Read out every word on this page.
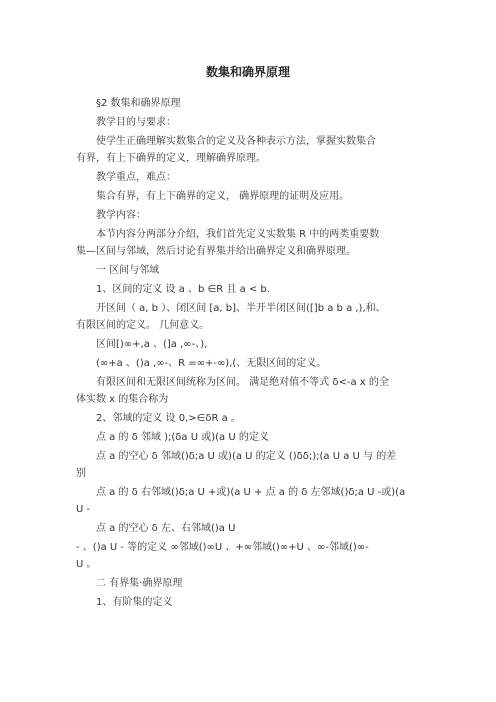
数集和确界原理
§2 数集和确界原理
教学目的与要求：
使学生正确理解实数集合的定义及各种表示方法，掌握实数集合
有界，有上下确界的定义，理解确界原理。
教学重点，难点：
集合有界，有上下确界的定义， 确界原理的证明及应用。
教学内容：
本节内容分两部分介绍，我们首先定义实数集 R 中的两类重要数
集—区间与邻域，然后讨论有界集并给出确界定义和确界原理。
一 区间与邻域
1、区间的定义 设 a 、b ∈R 且 a < b.
开区间（ a, b ）、闭区间 [a, b]、半开半闭区间([]b a b a ,),和、
有限区间的定义。 几何意义。
区间[)∞+,a 、(]a ,∞-、),
(∞+a 、()a ,∞-、R =∞+-∞),(、无限区间的定义。
有限区间和无限区间统称为区间。 满足绝对值不等式 δ<-a x 的全
体实数 x 的集合称为
2、邻域的定义 设 0,>∈δR a 。
点 a 的 δ 邻域 );(δa U 或)(a U 的定义
点 a 的空心 δ 邻域()δ;a U 或)(a U 的定义 ()δδ;);(a U a U 与 的差
别
点 a 的 δ 右邻域()δ;a U +或)(a U + 点 a 的 δ 左邻域()δ;a U -或)(a
U -
点 a 的空心 δ 左、右邻域()a U
- 、()a U - 等的定义 ∞邻域()∞U 、+∞邻域()∞+U 、∞-邻域()∞-
U 。
二 有界集·确界原理
1、有阶集的定义
